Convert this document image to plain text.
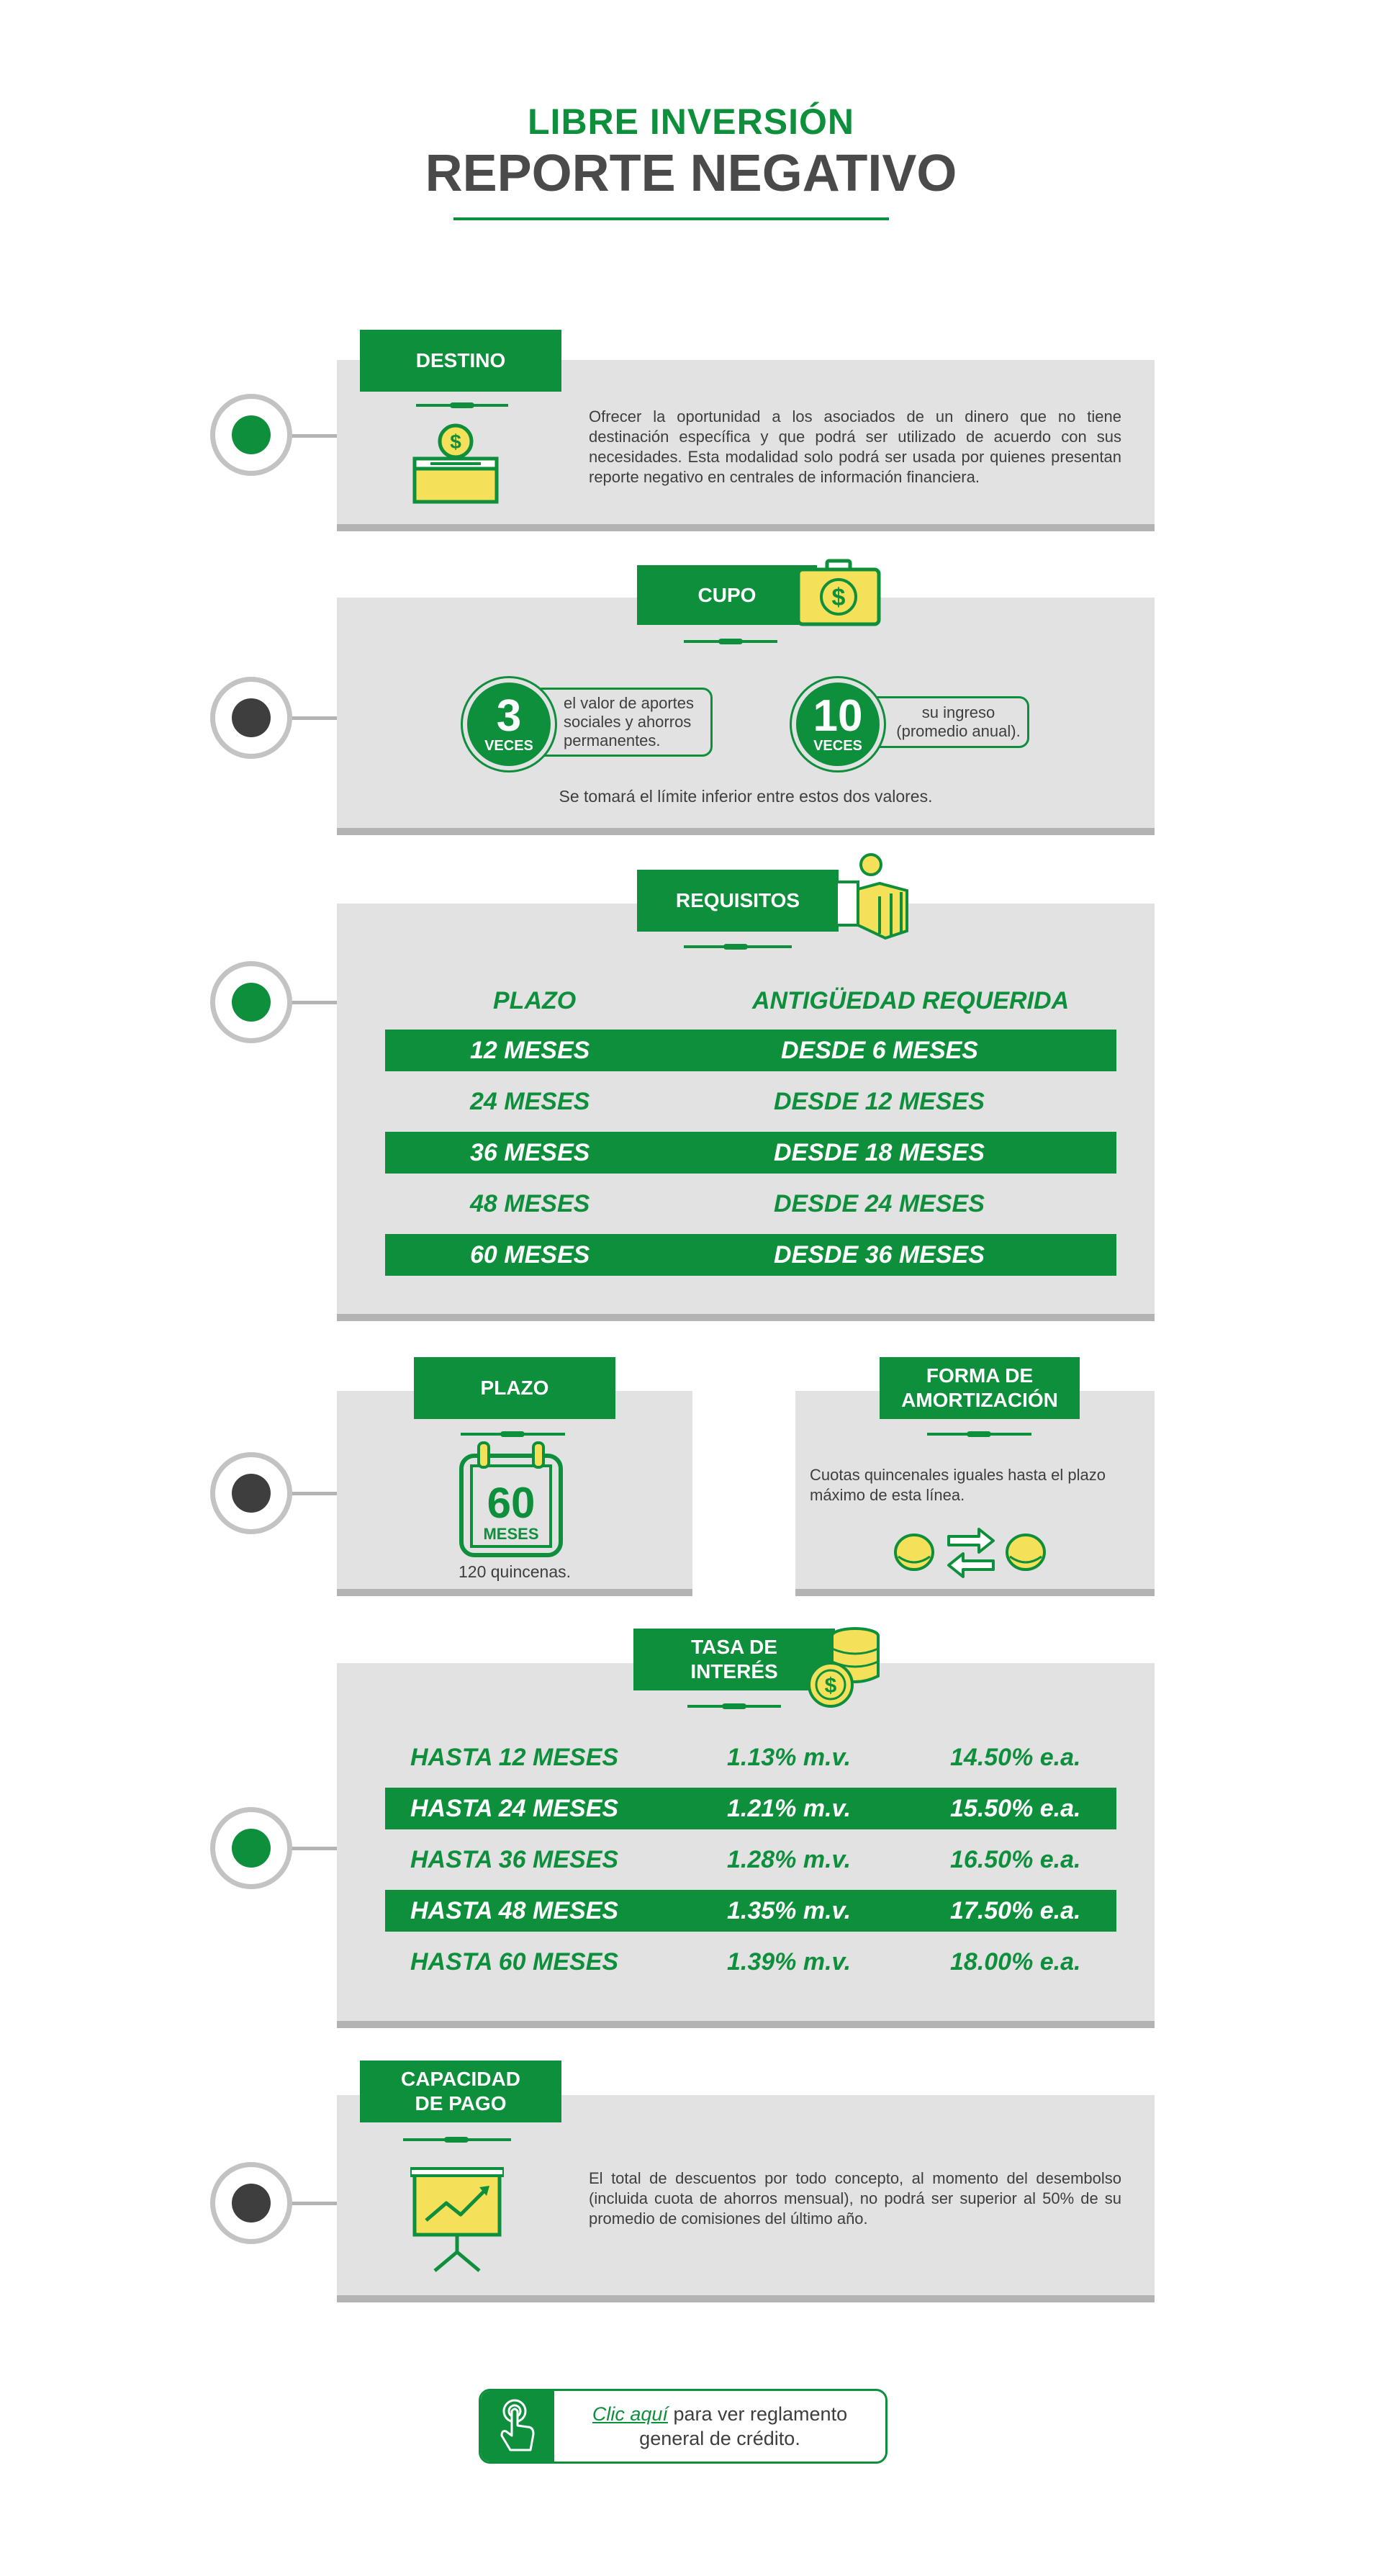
LIBRE INVERSIÓN
REPORTE NEGATIVO
DESTINO
$
Ofrecer la oportunidad a los asociados de un dinero que no tiene destinación específica y que podrá ser utilizado de acuerdo con sus necesidades. Esta modalidad solo podrá ser usada por quienes presentan reporte negativo en centrales de información financiera.
CUPO	$
el valor de aportes sociales y ahorros permanentes.
3
VECES
su ingreso (promedio anual).
10
VECES
Se tomará el límite inferior entre estos dos valores.
REQUISITOS
PLAZO	ANTIGÜEDAD REQUERIDA
12 MESES	DESDE 6 MESES
24 MESES	DESDE 12 MESES
36 MESES	DESDE 18 MESES
48 MESES	DESDE 24 MESES
60 MESES	DESDE 36 MESES
PLAZO
60
MESES
120 quincenas.
FORMA DE
AMORTIZACIÓN
Cuotas quincenales iguales hasta el plazo máximo de esta línea.
TASA DE
INTERÉS
$
HASTA 12 MESES	1.13% m.v.	14.50% e.a.
HASTA 24 MESES	1.21% m.v.	15.50% e.a.
HASTA 36 MESES	1.28% m.v.	16.50% e.a.
HASTA 48 MESES	1.35% m.v.	17.50% e.a.
HASTA 60 MESES	1.39% m.v.	18.00% e.a.
CAPACIDAD
DE PAGO
El total de descuentos por todo concepto, al momento del desembolso (incluida cuota de ahorros mensual), no podrá ser superior al 50% de su promedio de comisiones del último año.
Clic aquí para ver reglamento
general de crédito.
